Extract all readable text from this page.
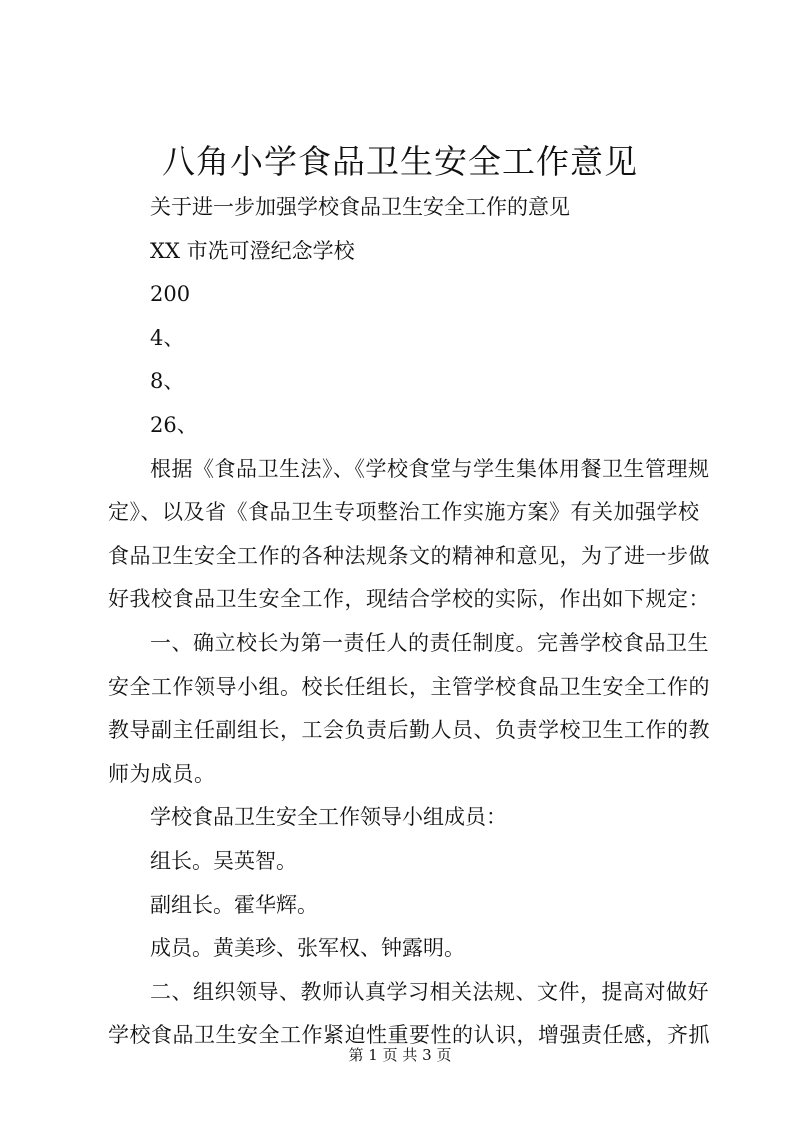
八角小学食品卫生安全工作意见

关于进一步加强学校食品卫生安全工作的意见

XX 市冼可澄纪念学校

200

4、

8、

26、

根据《食品卫生法》、《学校食堂与学生集体用餐卫生管理规
定》、以及省《食品卫生专项整治工作实施方案》有关加强学校
食品卫生安全工作的各种法规条文的精神和意见，为了进一步做
好我校食品卫生安全工作，现结合学校的实际，作出如下规定：

一、确立校长为第一责任人的责任制度。完善学校食品卫生
安全工作领导小组。校长任组长，主管学校食品卫生安全工作的
教导副主任副组长，工会负责后勤人员、负责学校卫生工作的教
师为成员。

学校食品卫生安全工作领导小组成员：

组长。吴英智。

副组长。霍华辉。

成员。黄美珍、张军权、钟露明。

二、组织领导、教师认真学习相关法规、文件，提高对做好
学校食品卫生安全工作紧迫性重要性的认识，增强责任感，齐抓

第 1 页 共 3 页
